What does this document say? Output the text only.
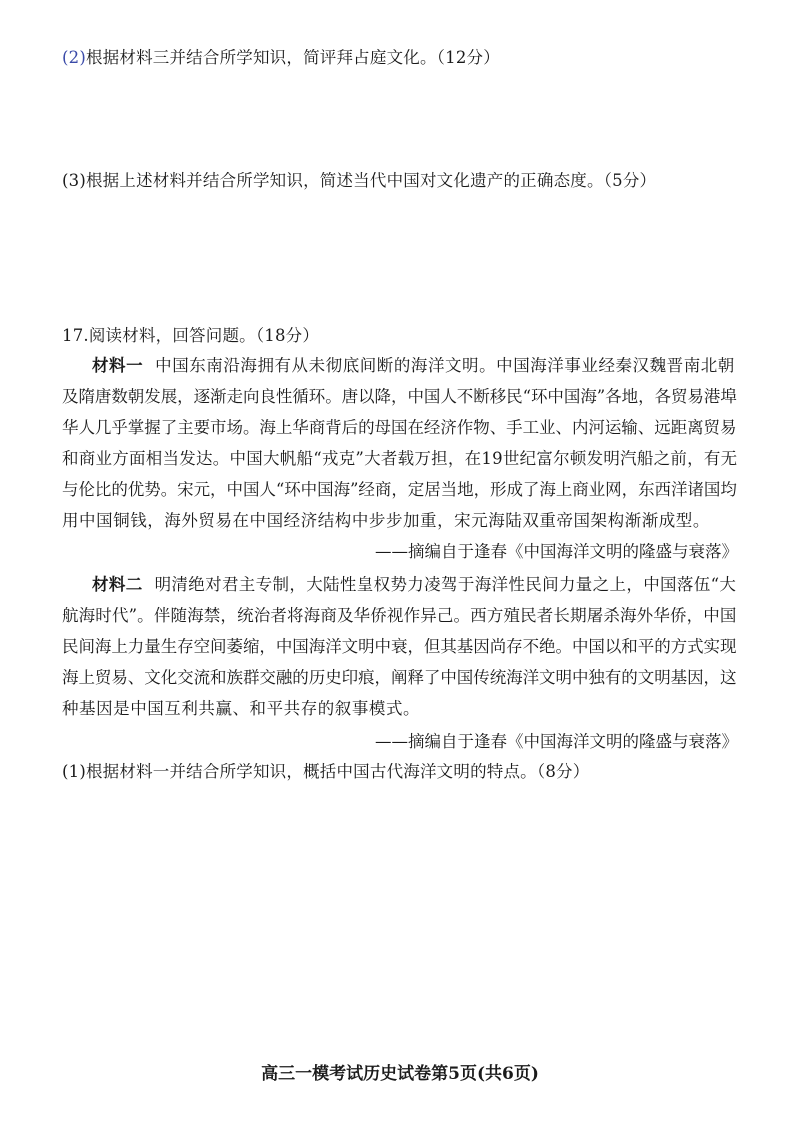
(2)根据材料三并结合所学知识，简评拜占庭文化。（12分）
(3)根据上述材料并结合所学知识，简述当代中国对文化遗产的正确态度。（5分）
17.阅读材料，回答问题。（18分）
材料一 中国东南沿海拥有从未彻底间断的海洋文明。中国海洋事业经秦汉魏晋南北朝
及隋唐数朝发展，逐渐走向良性循环。唐以降，中国人不断移民“环中国海”各地，各贸易港埠
华人几乎掌握了主要市场。海上华商背后的母国在经济作物、手工业、内河运输、远距离贸易
和商业方面相当发达。中国大帆船“戎克”大者载万担，在19世纪富尔顿发明汽船之前，有无
与伦比的优势。宋元，中国人“环中国海”经商，定居当地，形成了海上商业网，东西洋诸国均
用中国铜钱，海外贸易在中国经济结构中步步加重，宋元海陆双重帝国架构渐渐成型。
——摘编自于逢春《中国海洋文明的隆盛与衰落》
材料二 明清绝对君主专制，大陆性皇权势力凌驾于海洋性民间力量之上，中国落伍“大
航海时代”。伴随海禁，统治者将海商及华侨视作异己。西方殖民者长期屠杀海外华侨，中国
民间海上力量生存空间萎缩，中国海洋文明中衰，但其基因尚存不绝。中国以和平的方式实现
海上贸易、文化交流和族群交融的历史印痕，阐释了中国传统海洋文明中独有的文明基因，这
种基因是中国互利共赢、和平共存的叙事模式。
——摘编自于逢春《中国海洋文明的隆盛与衰落》
(1)根据材料一并结合所学知识，概括中国古代海洋文明的特点。（8分）
高三一模考试历史试卷第5页(共6页)
